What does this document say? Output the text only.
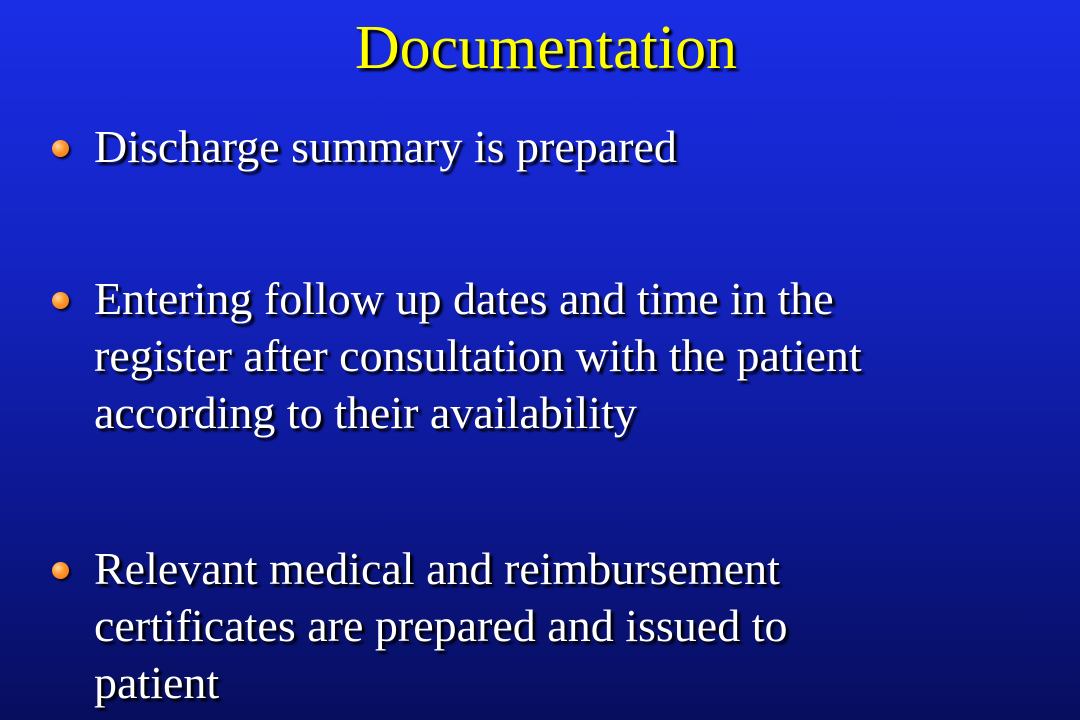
Documentation
Discharge summary is prepared
Entering follow up dates and time in the
register after consultation with the patient
according to their availability
Relevant medical and reimbursement
certificates are prepared and issued to
patient
